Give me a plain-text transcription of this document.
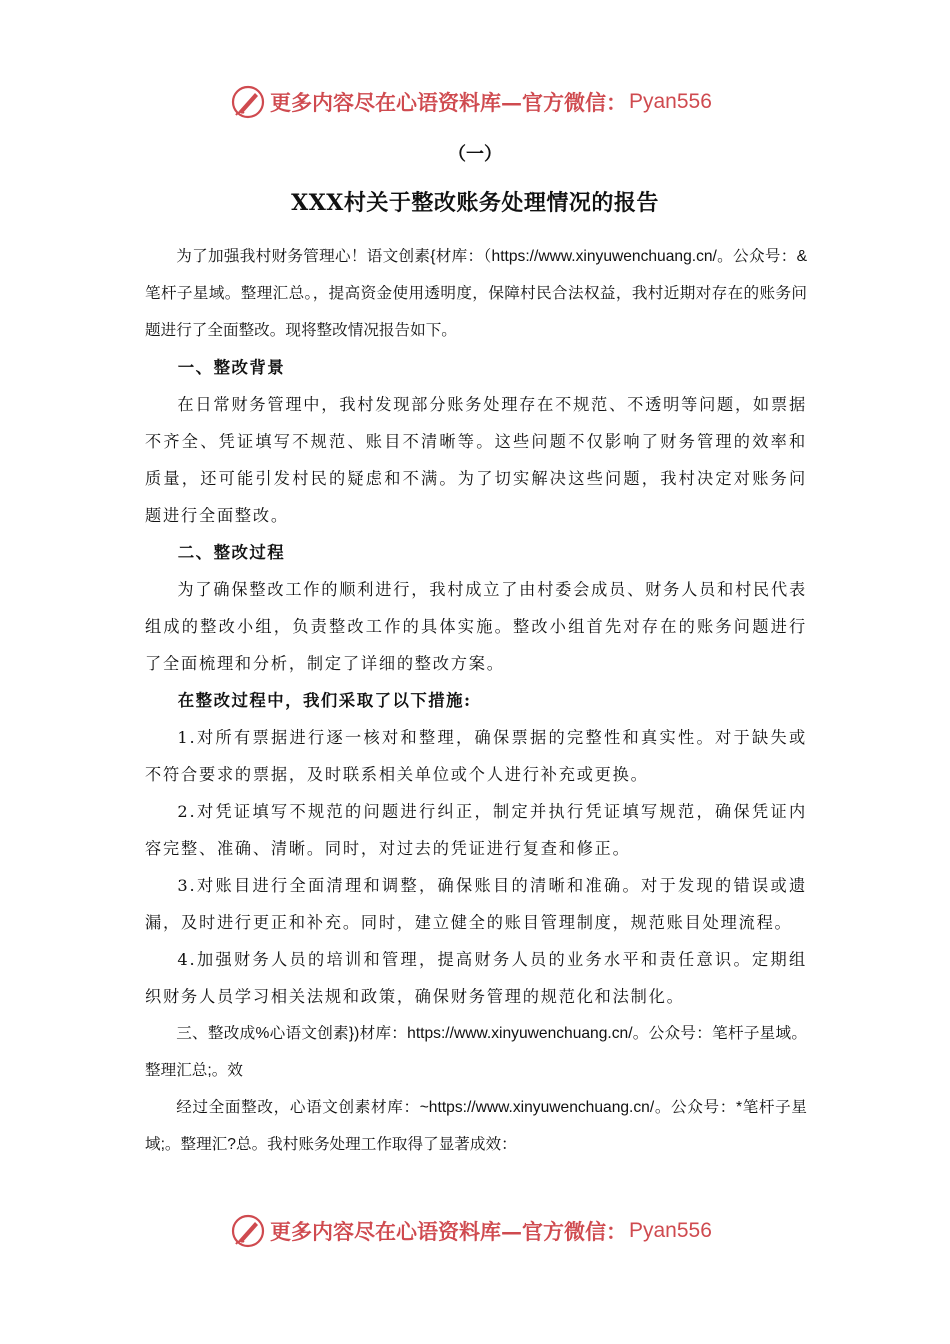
更多内容尽在心语资料库—官方微信： Pyan556
（一）
XXX村关于整改账务处理情况的报告

为了加强我村财务管理心！语文创素{材库：（https://www.xinyuwenchuang.cn/。公众号：&笔杆子星域。整理汇总。，提高资金使用透明度，保障村民合法权益，我村近期对存在的账务问题进行了全面整改。现将整改情况报告如下。

一、整改背景

在日常财务管理中，我村发现部分账务处理存在不规范、不透明等问题，如票据不齐全、凭证填写不规范、账目不清晰等。这些问题不仅影响了财务管理的效率和质量，还可能引发村民的疑虑和不满。为了切实解决这些问题，我村决定对账务问题进行全面整改。

二、整改过程

为了确保整改工作的顺利进行，我村成立了由村委会成员、财务人员和村民代表组成的整改小组，负责整改工作的具体实施。整改小组首先对存在的账务问题进行了全面梳理和分析，制定了详细的整改方案。

在整改过程中，我们采取了以下措施:

1.对所有票据进行逐一核对和整理，确保票据的完整性和真实性。对于缺失或不符合要求的票据，及时联系相关单位或个人进行补充或更换。

2.对凭证填写不规范的问题进行纠正，制定并执行凭证填写规范，确保凭证内容完整、准确、清晰。同时，对过去的凭证进行复查和修正。

3.对账目进行全面清理和调整，确保账目的清晰和准确。对于发现的错误或遗漏，及时进行更正和补充。同时，建立健全的账目管理制度，规范账目处理流程。

4.加强财务人员的培训和管理，提高财务人员的业务水平和责任意识。定期组织财务人员学习相关法规和政策，确保财务管理的规范化和法制化。

三、整改成%心语文创素})材库：https://www.xinyuwenchuang.cn/。公众号：笔杆子星域。整理汇总;。效

经过全面整改，心语文创素材库：~https://www.xinyuwenchuang.cn/。公众号：*笔杆子星域;。整理汇?总。我村账务处理工作取得了显著成效：

更多内容尽在心语资料库—官方微信： Pyan556
